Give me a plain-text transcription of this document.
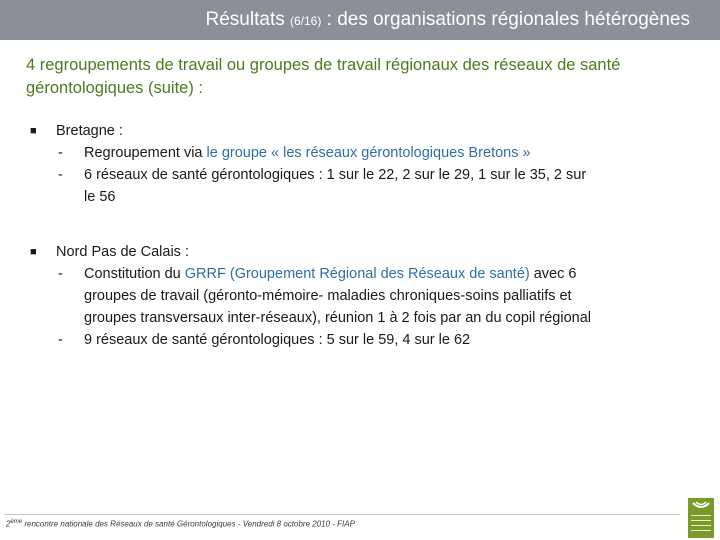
Résultats (6/16) : des organisations régionales hétérogènes
4 regroupements de travail ou groupes de travail régionaux des réseaux de santé gérontologiques (suite) :
■ Bretagne :
- Regroupement via le groupe « les réseaux gérontologiques Bretons »
- 6 réseaux de santé gérontologiques : 1 sur le 22, 2 sur le 29, 1 sur le 35, 2 sur
le 56
■ Nord Pas de Calais :
- Constitution du GRRF (Groupement Régional des Réseaux de santé) avec 6
groupes de travail (géronto-mémoire- maladies chroniques-soins palliatifs et
groupes transversaux inter-réseaux), réunion 1 à 2 fois par an du copil régional
- 9 réseaux de santé gérontologiques : 5 sur le 59, 4 sur le 62
2ème rencontre nationale des Réseaux de santé Gérontologiques - Vendredi 8 octobre 2010 - FIAP
